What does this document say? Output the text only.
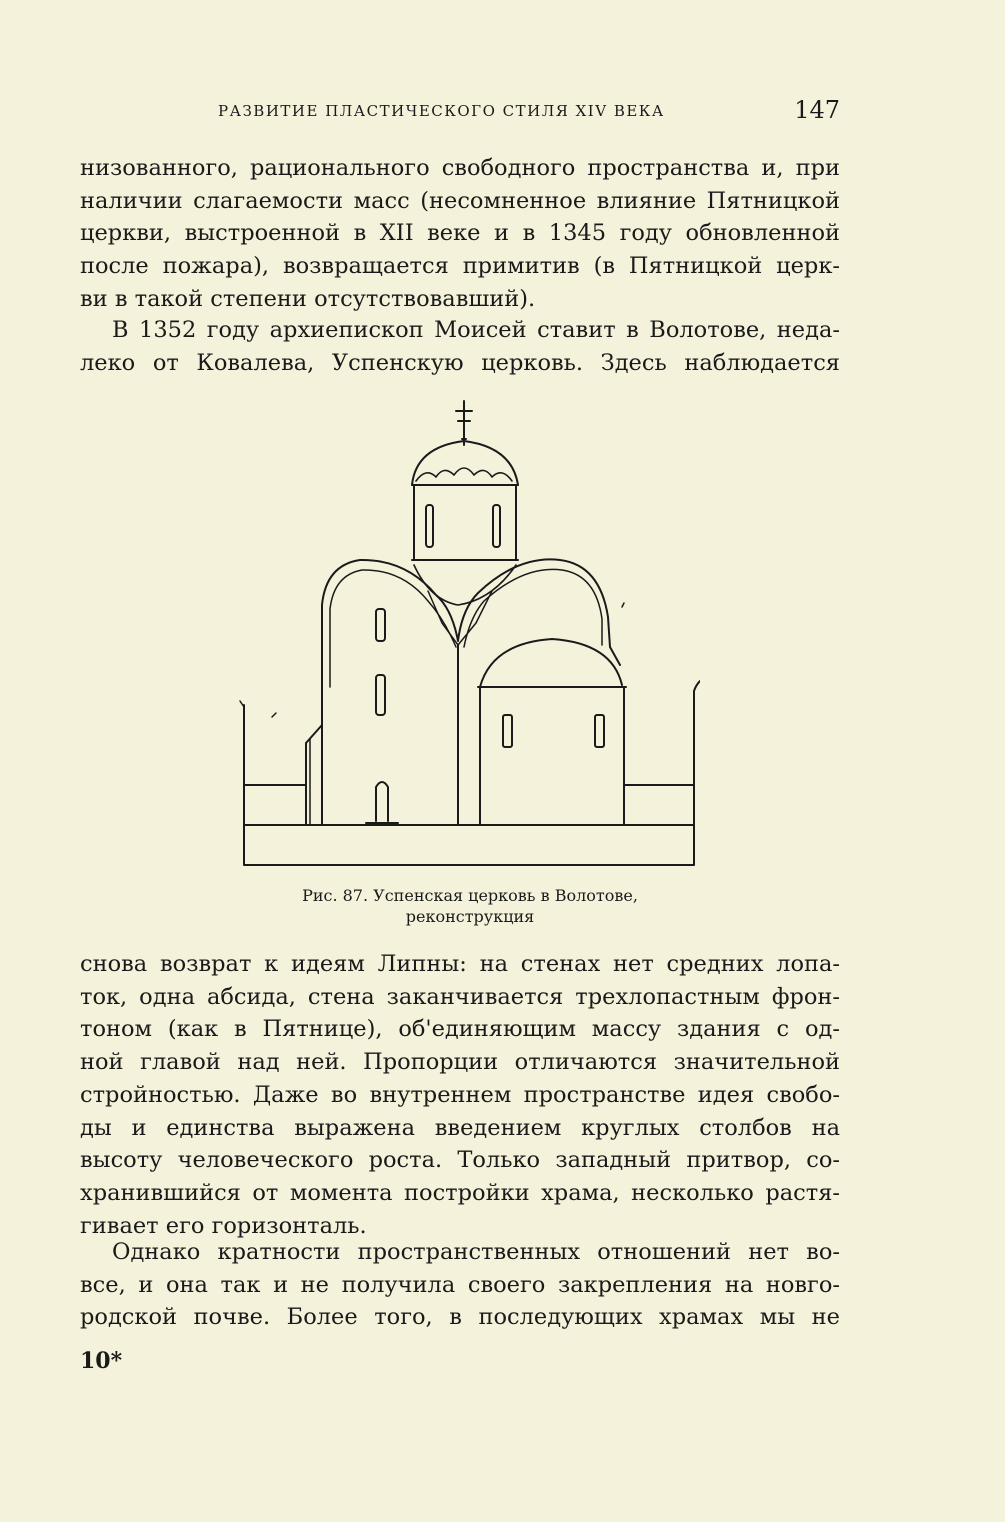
РАЗВИТИЕ ПЛАСТИЧЕСКОГО СТИЛЯ XIV ВЕКА	147

низованного, рационального свободного пространства и, при
наличии слагаемости масс (несомненное влияние Пятницкой
церкви, выстроенной в XII веке и в 1345 году обновленной
после пожара), возвращается примитив (в Пятницкой церк-
ви в такой степени отсутствовавший).

В 1352 году архиепископ Моисей ставит в Волотове, неда-
леко от Ковалева, Успенскую церковь. Здесь наблюдается

Рис. 87. Успенская церковь в Волотове,
реконструкция

снова возврат к идеям Липны: на стенах нет средних лопа-
ток, одна абсида, стена заканчивается трехлопастным фрон-
тоном (как в Пятнице), об'единяющим массу здания с од-
ной главой над ней. Пропорции отличаются значительной
стройностью. Даже во внутреннем пространстве идея свобо-
ды и единства выражена введением круглых столбов на
высоту человеческого роста. Только западный притвор, со-
хранившийся от момента постройки храма, несколько растя-
гивает его горизонталь.

Однако кратности пространственных отношений нет во-
все, и она так и не получила своего закрепления на новго-
родской почве. Более того, в последующих храмах мы не

10*
